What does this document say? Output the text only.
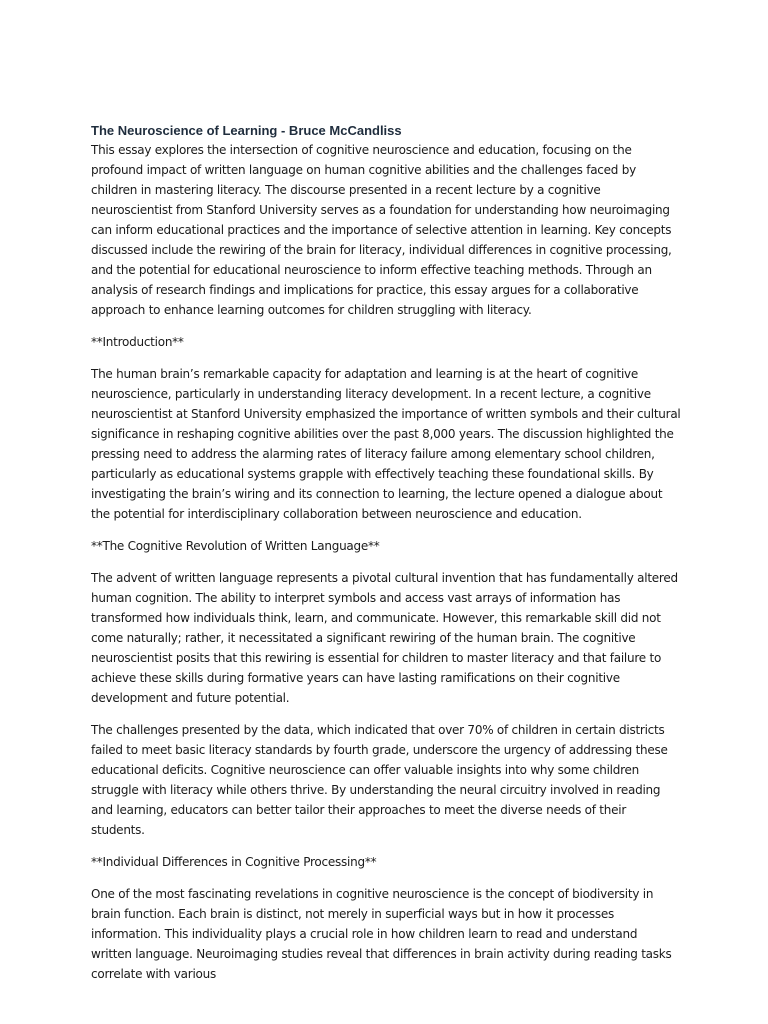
The Neuroscience of Learning - Bruce McCandliss

This essay explores the intersection of cognitive neuroscience and education, focusing on the profound impact of written language on human cognitive abilities and the challenges faced by children in mastering literacy. The discourse presented in a recent lecture by a cognitive neuroscientist from Stanford University serves as a foundation for understanding how neuroimaging can inform educational practices and the importance of selective attention in learning. Key concepts discussed include the rewiring of the brain for literacy, individual differences in cognitive processing, and the potential for educational neuroscience to inform effective teaching methods. Through an analysis of research findings and implications for practice, this essay argues for a collaborative approach to enhance learning outcomes for children struggling with literacy.

**Introduction**

The human brain’s remarkable capacity for adaptation and learning is at the heart of cognitive neuroscience, particularly in understanding literacy development. In a recent lecture, a cognitive neuroscientist at Stanford University emphasized the importance of written symbols and their cultural significance in reshaping cognitive abilities over the past 8,000 years. The discussion highlighted the pressing need to address the alarming rates of literacy failure among elementary school children, particularly as educational systems grapple with effectively teaching these foundational skills. By investigating the brain’s wiring and its connection to learning, the lecture opened a dialogue about the potential for interdisciplinary collaboration between neuroscience and education.

**The Cognitive Revolution of Written Language**

The advent of written language represents a pivotal cultural invention that has fundamentally altered human cognition. The ability to interpret symbols and access vast arrays of information has transformed how individuals think, learn, and communicate. However, this remarkable skill did not come naturally; rather, it necessitated a significant rewiring of the human brain. The cognitive neuroscientist posits that this rewiring is essential for children to master literacy and that failure to achieve these skills during formative years can have lasting ramifications on their cognitive development and future potential.

The challenges presented by the data, which indicated that over 70% of children in certain districts failed to meet basic literacy standards by fourth grade, underscore the urgency of addressing these educational deficits. Cognitive neuroscience can offer valuable insights into why some children struggle with literacy while others thrive. By understanding the neural circuitry involved in reading and learning, educators can better tailor their approaches to meet the diverse needs of their students.

**Individual Differences in Cognitive Processing**

One of the most fascinating revelations in cognitive neuroscience is the concept of biodiversity in brain function. Each brain is distinct, not merely in superficial ways but in how it processes information. This individuality plays a crucial role in how children learn to read and understand written language. Neuroimaging studies reveal that differences in brain activity during reading tasks correlate with various
